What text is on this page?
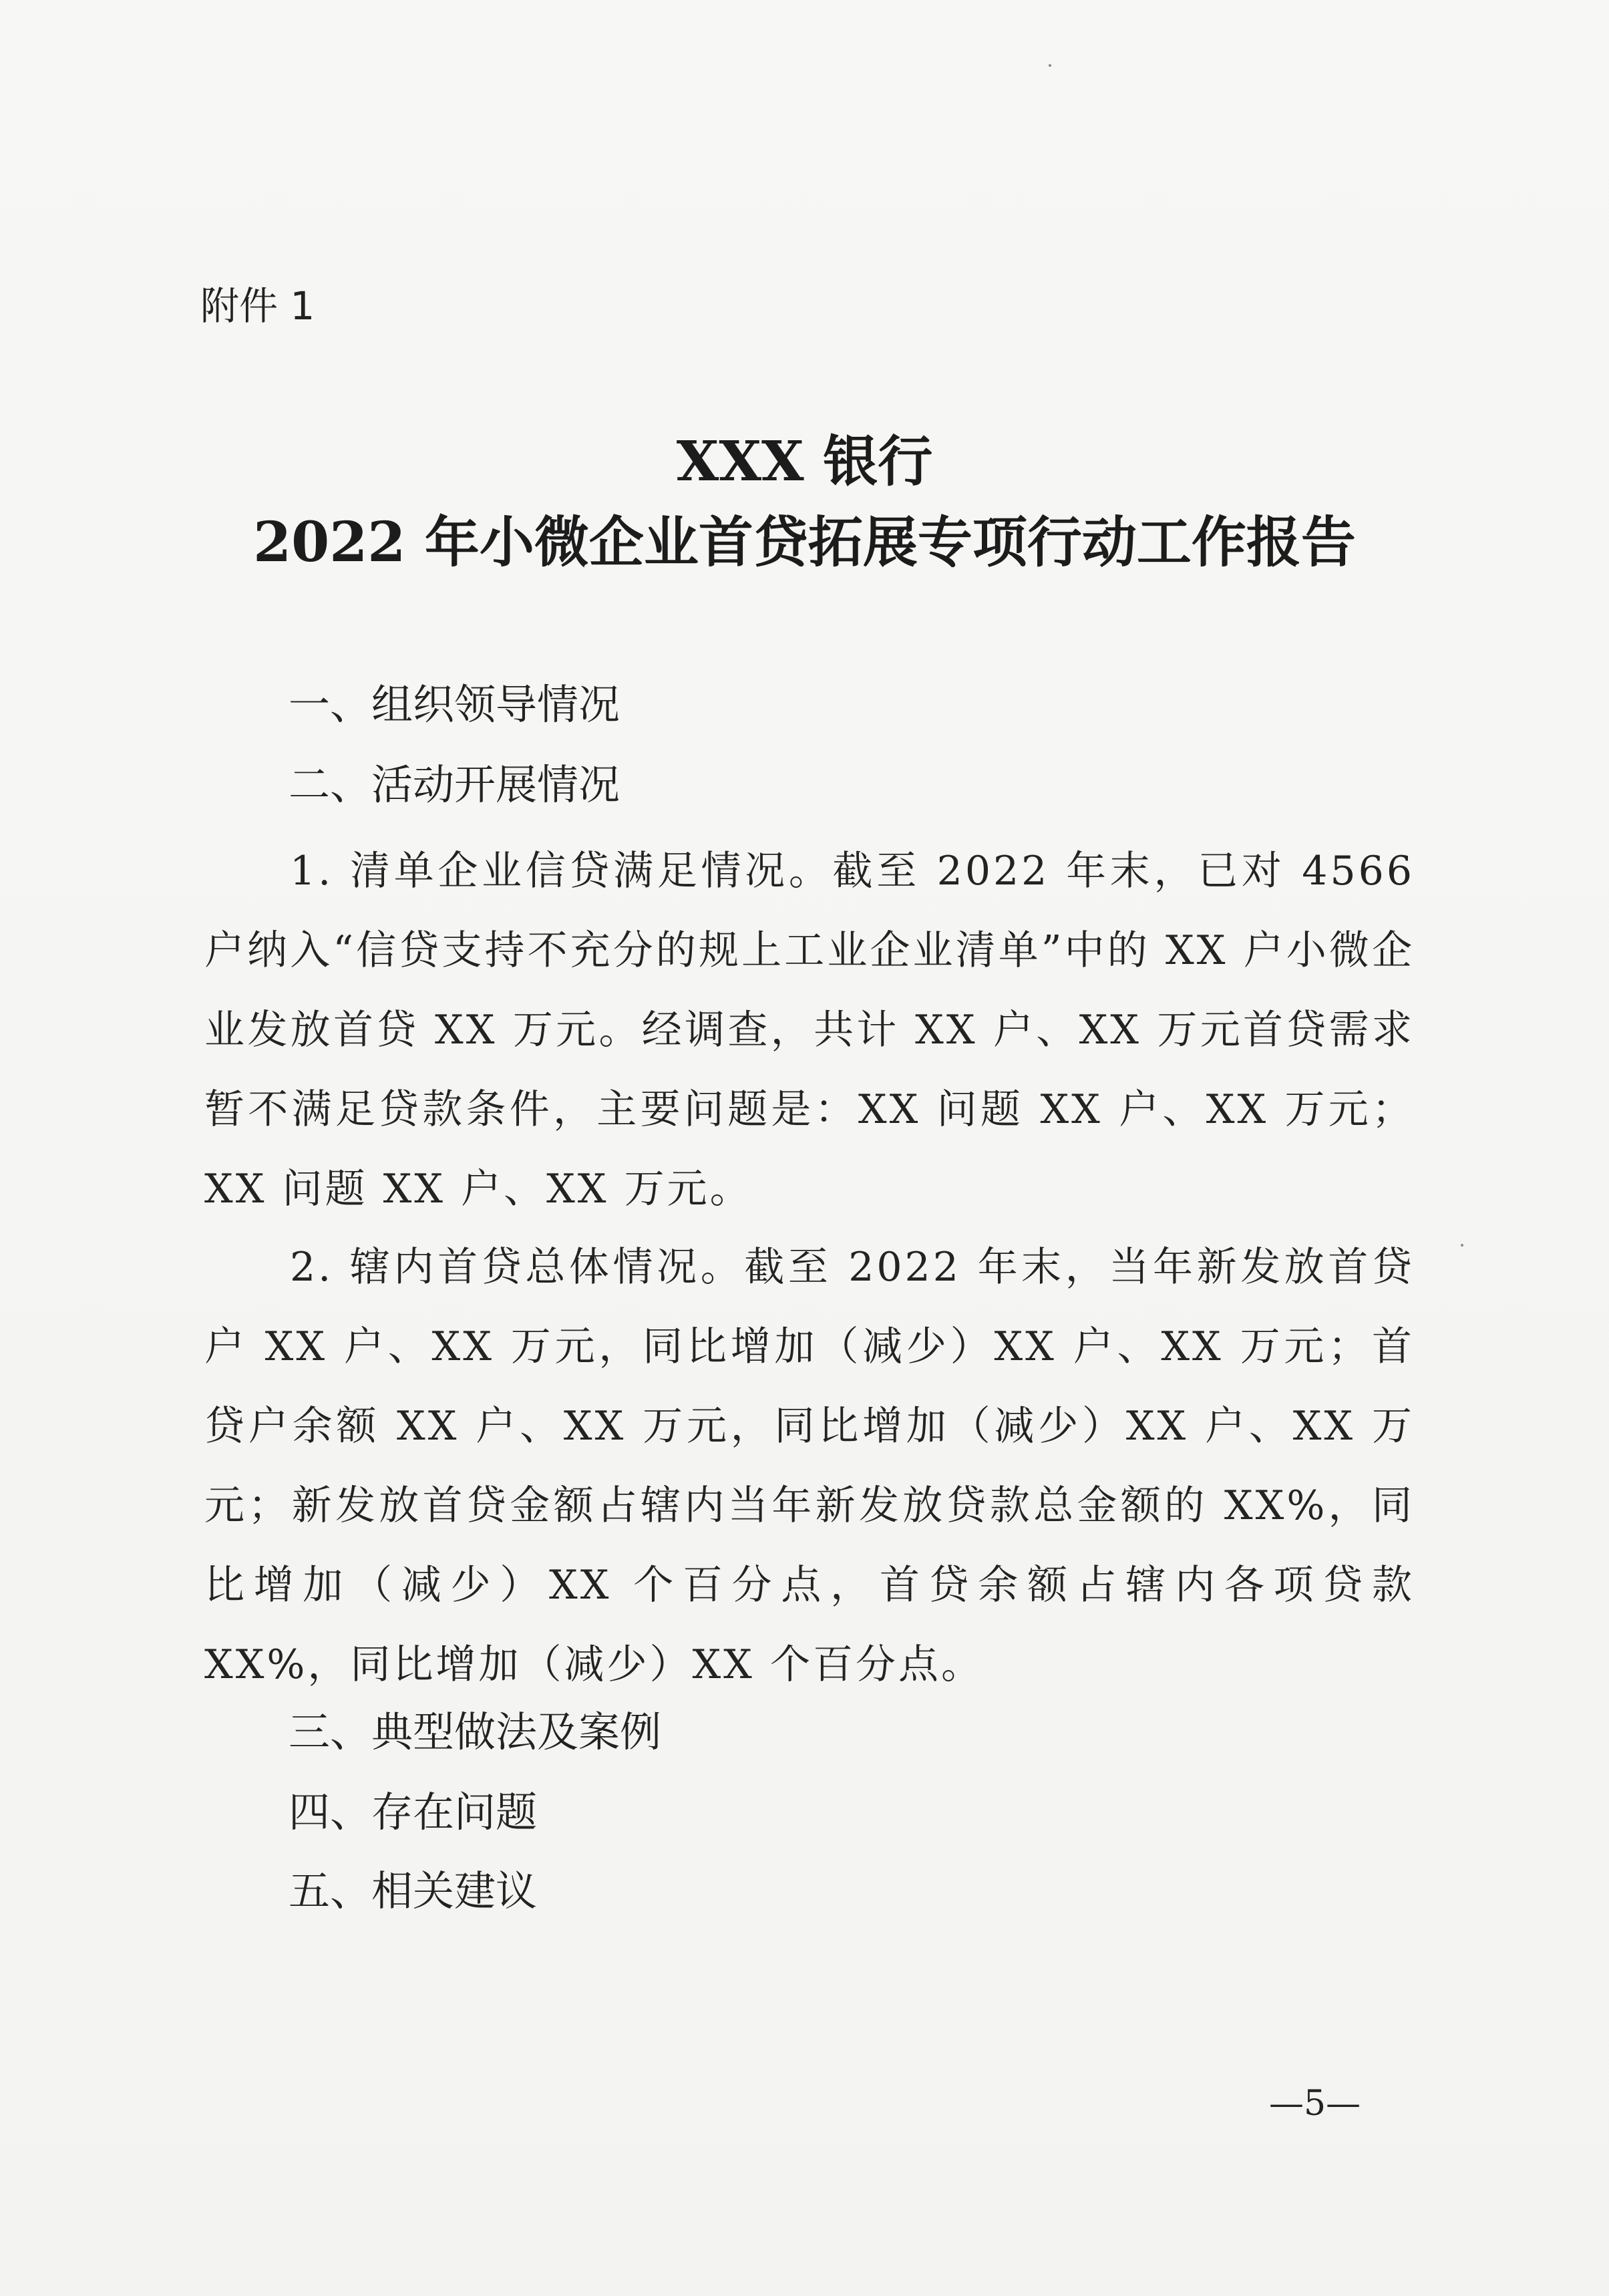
附件 1
XXX 银行
2022 年小微企业首贷拓展专项行动工作报告
一、组织领导情况
二、活动开展情况
1. 清单企业信贷满足情况。截至 2022 年末，已对 4566 户纳入“信贷支持不充分的规上工业企业清单”中的 XX 户小微企业发放首贷 XX 万元。经调查，共计 XX 户、XX 万元首贷需求暂不满足贷款条件，主要问题是：XX 问题 XX 户、XX 万元；XX 问题 XX 户、XX 万元。
2. 辖内首贷总体情况。截至 2022 年末，当年新发放首贷户 XX 户、XX 万元，同比增加（减少）XX 户、XX 万元；首贷户余额 XX 户、XX 万元，同比增加（减少）XX 户、XX 万元；新发放首贷金额占辖内当年新发放贷款总金额的 XX%，同比增加（减少）XX 个百分点，首贷余额占辖内各项贷款 XX%，同比增加（减少）XX 个百分点。
三、典型做法及案例
四、存在问题
五、相关建议
—5—
